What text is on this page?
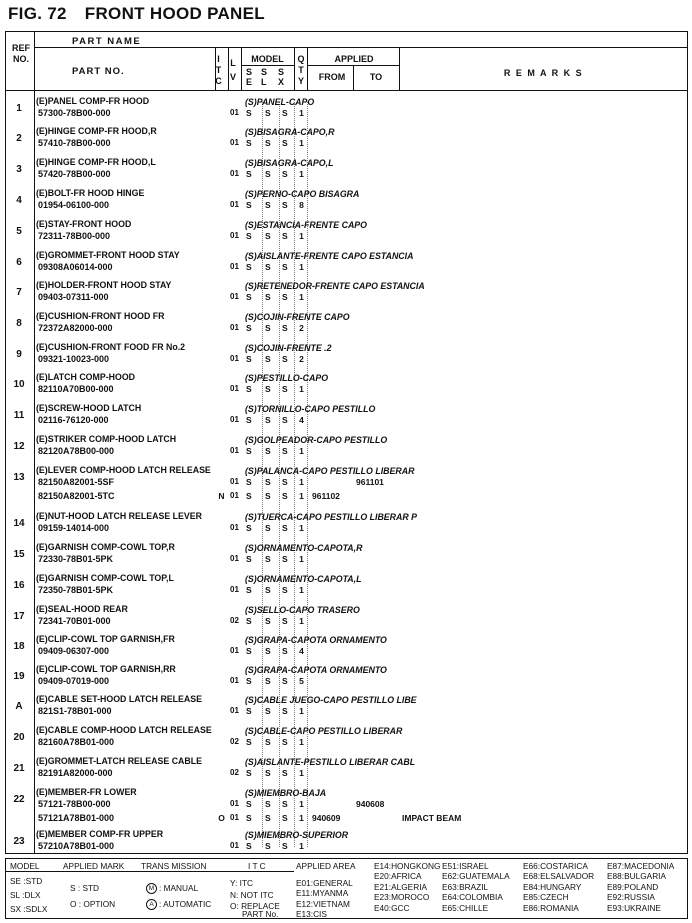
FIG. 72 FRONT HOOD PANEL
REF
NO.
PART NAME
PART NO.
I
T
C
L
V
MODEL
S S S
E L X
Q
T
Y
APPLIED
FROM	TO	R E M A R K S
1
(E)PANEL COMP-FR HOOD	(S)PANEL-CAPO
57300-78B00-000	01 S S S	1
2
(E)HINGE COMP-FR HOOD,R	(S)BISAGRA-CAPO,R
57410-78B00-000	01 S S S	1
3
(E)HINGE COMP-FR HOOD,L	(S)BISAGRA-CAPO,L
57420-78B00-000	01 S S S	1
4
(E)BOLT-FR HOOD HINGE	(S)PERNO-CAPO BISAGRA
01954-06100-000	01 S S S	8
5
(E)STAY-FRONT HOOD	(S)ESTANCIA-FRENTE CAPO
72311-78B00-000	01 S S S	1
6
(E)GROMMET-FRONT HOOD STAY	(S)AISLANTE-FRENTE CAPO ESTANCIA
09308A06014-000	01 S S S	1
7
(E)HOLDER-FRONT HOOD STAY	(S)RETENEDOR-FRENTE CAPO ESTANCIA
09403-07311-000	01 S S S	1
8
(E)CUSHION-FRONT HOOD FR	(S)COJIN-FRENTE CAPO
72372A82000-000	01 S S S	2
9
(E)CUSHION-FRONT FOOD FR No.2	(S)COJIN-FRENTE .2
09321-10023-000	01 S S S	2
10
(E)LATCH COMP-HOOD	(S)PESTILLO-CAPO
82110A70B00-000	01 S S S	1
11
(E)SCREW-HOOD LATCH	(S)TORNILLO-CAPO PESTILLO
02116-76120-000	01 S S S	4
12
(E)STRIKER COMP-HOOD LATCH	(S)GOLPEADOR-CAPO PESTILLO
82120A78B00-000	01 S S S	1
13
(E)LEVER COMP-HOOD LATCH RELEASE	(S)PALANCA-CAPO PESTILLO LIBERAR
82150A82001-5SF	01 S S S	1	961101
82150A82001-5TC	N 01 S S S	1 961102
14
(E)NUT-HOOD LATCH RELEASE LEVER	(S)TUERCA-CAPO PESTILLO LIBERAR P
09159-14014-000	01 S S S	1
15
(E)GARNISH COMP-COWL TOP,R	(S)ORNAMENTO-CAPOTA,R
72330-78B01-5PK	01 S S S	1
16
(E)GARNISH COMP-COWL TOP,L	(S)ORNAMENTO-CAPOTA,L
72350-78B01-5PK	01 S S S	1
17
(E)SEAL-HOOD REAR	(S)SELLO-CAPO TRASERO
72341-70B01-000	02 S S S	1
18
(E)CLIP-COWL TOP GARNISH,FR	(S)GRAPA-CAPOTA ORNAMENTO
09409-06307-000	01 S S S	4
19
(E)CLIP-COWL TOP GARNISH,RR	(S)GRAPA-CAPOTA ORNAMENTO
09409-07019-000	01 S S S	5
A
(E)CABLE SET-HOOD LATCH RELEASE	(S)CABLE JUEGO-CAPO PESTILLO LIBE
821S1-78B01-000	01 S S S	1
20
(E)CABLE COMP-HOOD LATCH RELEASE	(S)CABLE-CAPO PESTILLO LIBERAR
82160A78B01-000	02 S S S	1
21
(E)GROMMET-LATCH RELEASE CABLE	(S)AISLANTE-PESTILLO LIBERAR CABL
82191A82000-000	02 S S S	1
22
(E)MEMBER-FR LOWER	(S)MIEMBRO-BAJA
57121-78B00-000	01 S S S	1	940608
57121A78B01-000	O 01 S S S	1 940609	IMPACT BEAM
23
(E)MEMBER COMP-FR UPPER	(S)MIEMBRO-SUPERIOR
57210A78B01-000	01 S S S	1
MODEL
SE :STD
SL :DLX
SX :SDLX
APPLIED MARK
S : STD
O : OPTION
TRANS MISSION
M : MANUAL
A : AUTOMATIC
I T C
Y: ITC
N: NOT ITC
O: REPLACE
PART No.
APPLIED AREA
E01:GENERAL
E11:MYANMA
E12:VIETNAM
E13:CIS
E14:HONGKONG
E20:AFRICA
E21:ALGERIA
E23:MOROCO
E40:GCC
E51:ISRAEL
E62:GUATEMALA
E63:BRAZIL
E64:COLOMBIA
E65:CHILLE
E66:COSTARICA
E68:ELSALVADOR
E84:HUNGARY
E85:CZECH
E86:ROMANIA
E87:MACEDONIA
E88:BULGARIA
E89:POLAND
E92:RUSSIA
E93:UKRAINE
